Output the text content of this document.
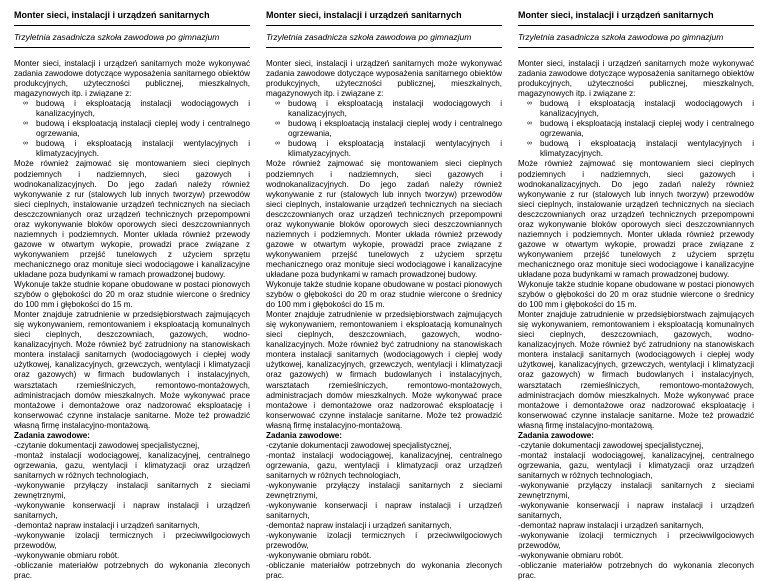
Monter sieci, instalacji i urządzeń sanitarnych
Trzyletnia zasadnicza szkoła zawodowa po gimnazjum

Monter sieci, instalacji i urządzeń sanitarnych może wykonywać zadania zawodowe dotyczące wyposażenia sanitarnego obiektów produkcyjnych, użyteczności publicznej, mieszkalnych, magazynowych itp. i związane z:

∞ budową i eksploatacją instalacji wodociągowych i kanalizacyjnych,
∞ budową i eksploatacją instalacji cieplej wody i centralnego ogrzewania,
∞ budową i eksploatacją instalacji wentylacyjnych i klimatyzacyjnych.

Może również zajmować się montowaniem sieci cieplnych podziemnych i nadziemnych, sieci gazowych i wodnokanalizacyjnych. Do jego zadań należy również wykonywanie z rur (stalowych lub innych tworzyw) przewodów sieci cieplnych, instalowanie urządzeń technicznych na sieciach desczczownianych oraz urządzeń technicznych przepompowni oraz wykonywanie bloków oporowych sieci deszczowniannych naziemnych i podziemnych. Monter układa również przewody gazowe w otwartym wykopie, prowadzi prace związane z wykonywaniem przejść tunelowych z użyciem sprzętu mechanicznego oraz monituje sieci wodociągowe i kanalizacyjne układane poza budynkami w ramach prowadzonej budowy.

Wykonuje także studnie kopane obudowane w postaci pionowych szybów o głębokości do 20 m oraz studnie wiercone o średnicy do 100 mm i głębokości do 15 m.

Monter znajduje zatrudnienie w przedsiębiorstwach zajmujących się wykonywaniem, remontowaniem i eksploatacją komunalnych sieci cieplnych, deszczowniach, gazowych, wodno-kanalizacyjnych. Może również być zatrudniony na stanowiskach montera instalacji sanitarnych (wodociągowych i ciepłej wody użytkowej, kanalizacyjnych, grzewczych, wentylacji i klimatyzacji oraz gazowych) w firmach budowlanych i instalacyjnych, warsztatach rzemieślniczych, remontowo-montażowych, administracjach domów mieszkalnych. Może wykonywać prace montażowe i demontażowe oraz nadzorować eksploatację i konserwować czynne instalacje sanitarne. Może też prowadzić własną firmę instalacyjno-montażową.

Zadania zawodowe:

-czytanie dokumentacji zawodowej specjalistycznej,

-montaż instalacji wodociągowej, kanalizacyjnej, centralnego ogrzewania, gazu, wentylacji i klimatyzacji oraz urządzeń sanitarnych w różnych technologiach,

-wykonywanie przyłączy instalacji sanitarnych z sieciami zewnętrznymi,

-wykonywanie konserwacji i napraw instalacji i urządzeń sanitarnych,

-demontaż napraw instalacji i urządzeń sanitarnych,

-wykonywanie izolacji termicznych i przeciwwilgociowych przewodów,

-wykonywanie obmiaru robót.

-obliczanie materiałów potrzebnych do wykonania zleconych prac.

Monter sieci, instalacji i urządzeń sanitarnych
Trzyletnia zasadnicza szkoła zawodowa po gimnazjum

Monter sieci, instalacji i urządzeń sanitarnych może wykonywać zadania zawodowe dotyczące wyposażenia sanitarnego obiektów produkcyjnych, użyteczności publicznej, mieszkalnych, magazynowych itp. i związane z:

∞ budową i eksploatacją instalacji wodociągowych i kanalizacyjnych,
∞ budową i eksploatacją instalacji cieplej wody i centralnego ogrzewania,
∞ budową i eksploatacją instalacji wentylacyjnych i klimatyzacyjnych.

Może również zajmować się montowaniem sieci cieplnych podziemnych i nadziemnych, sieci gazowych i wodnokanalizacyjnych. Do jego zadań należy również wykonywanie z rur (stalowych lub innych tworzyw) przewodów sieci cieplnych, instalowanie urządzeń technicznych na sieciach desczczownianych oraz urządzeń technicznych przepompowni oraz wykonywanie bloków oporowych sieci deszczowniannych naziemnych i podziemnych. Monter układa również przewody gazowe w otwartym wykopie, prowadzi prace związane z wykonywaniem przejść tunelowych z użyciem sprzętu mechanicznego oraz monituje sieci wodociągowe i kanalizacyjne układane poza budynkami w ramach prowadzonej budowy.

Wykonuje także studnie kopane obudowane w postaci pionowych szybów o głębokości do 20 m oraz studnie wiercone o średnicy do 100 mm i głębokości do 15 m.

Monter znajduje zatrudnienie w przedsiębiorstwach zajmujących się wykonywaniem, remontowaniem i eksploatacją komunalnych sieci cieplnych, deszczowniach, gazowych, wodno-kanalizacyjnych. Może również być zatrudniony na stanowiskach montera instalacji sanitarnych (wodociągowych i ciepłej wody użytkowej, kanalizacyjnych, grzewczych, wentylacji i klimatyzacji oraz gazowych) w firmach budowlanych i instalacyjnych, warsztatach rzemieślniczych, remontowo-montażowych, administracjach domów mieszkalnych. Może wykonywać prace montażowe i demontażowe oraz nadzorować eksploatację i konserwować czynne instalacje sanitarne. Może też prowadzić własną firmę instalacyjno-montażową.

Zadania zawodowe:

-czytanie dokumentacji zawodowej specjalistycznej,

-montaż instalacji wodociągowej, kanalizacyjnej, centralnego ogrzewania, gazu, wentylacji i klimatyzacji oraz urządzeń sanitarnych w różnych technologiach,

-wykonywanie przyłączy instalacji sanitarnych z sieciami zewnętrznymi,

-wykonywanie konserwacji i napraw instalacji i urządzeń sanitarnych,

-demontaż napraw instalacji i urządzeń sanitarnych,

-wykonywanie izolacji termicznych i przeciwwilgociowych przewodów,

-wykonywanie obmiaru robót.

-obliczanie materiałów potrzebnych do wykonania zleconych prac.

Monter sieci, instalacji i urządzeń sanitarnych
Trzyletnia zasadnicza szkoła zawodowa po gimnazjum

Monter sieci, instalacji i urządzeń sanitarnych może wykonywać zadania zawodowe dotyczące wyposażenia sanitarnego obiektów produkcyjnych, użyteczności publicznej, mieszkalnych, magazynowych itp. i związane z:

∞ budową i eksploatacją instalacji wodociągowych i kanalizacyjnych,
∞ budową i eksploatacją instalacji cieplej wody i centralnego ogrzewania,
∞ budową i eksploatacją instalacji wentylacyjnych i klimatyzacyjnych.

Może również zajmować się montowaniem sieci cieplnych podziemnych i nadziemnych, sieci gazowych i wodnokanalizacyjnych. Do jego zadań należy również wykonywanie z rur (stalowych lub innych tworzyw) przewodów sieci cieplnych, instalowanie urządzeń technicznych na sieciach desczczownianych oraz urządzeń technicznych przepompowni oraz wykonywanie bloków oporowych sieci deszczowniannych naziemnych i podziemnych. Monter układa również przewody gazowe w otwartym wykopie, prowadzi prace związane z wykonywaniem przejść tunelowych z użyciem sprzętu mechanicznego oraz monituje sieci wodociągowe i kanalizacyjne układane poza budynkami w ramach prowadzonej budowy.

Wykonuje także studnie kopane obudowane w postaci pionowych szybów o głębokości do 20 m oraz studnie wiercone o średnicy do 100 mm i głębokości do 15 m.

Monter znajduje zatrudnienie w przedsiębiorstwach zajmujących się wykonywaniem, remontowaniem i eksploatacją komunalnych sieci cieplnych, deszczowniach, gazowych, wodno-kanalizacyjnych. Może również być zatrudniony na stanowiskach montera instalacji sanitarnych (wodociągowych i ciepłej wody użytkowej, kanalizacyjnych, grzewczych, wentylacji i klimatyzacji oraz gazowych) w firmach budowlanych i instalacyjnych, warsztatach rzemieślniczych, remontowo-montażowych, administracjach domów mieszkalnych. Może wykonywać prace montażowe i demontażowe oraz nadzorować eksploatację i konserwować czynne instalacje sanitarne. Może też prowadzić własną firmę instalacyjno-montażową.

Zadania zawodowe:

-czytanie dokumentacji zawodowej specjalistycznej,

-montaż instalacji wodociągowej, kanalizacyjnej, centralnego ogrzewania, gazu, wentylacji i klimatyzacji oraz urządzeń sanitarnych w różnych technologiach,

-wykonywanie przyłączy instalacji sanitarnych z sieciami zewnętrznymi,

-wykonywanie konserwacji i napraw instalacji i urządzeń sanitarnych,

-demontaż napraw instalacji i urządzeń sanitarnych,

-wykonywanie izolacji termicznych i przeciwwilgociowych przewodów,

-wykonywanie obmiaru robót.

-obliczanie materiałów potrzebnych do wykonania zleconych prac.
